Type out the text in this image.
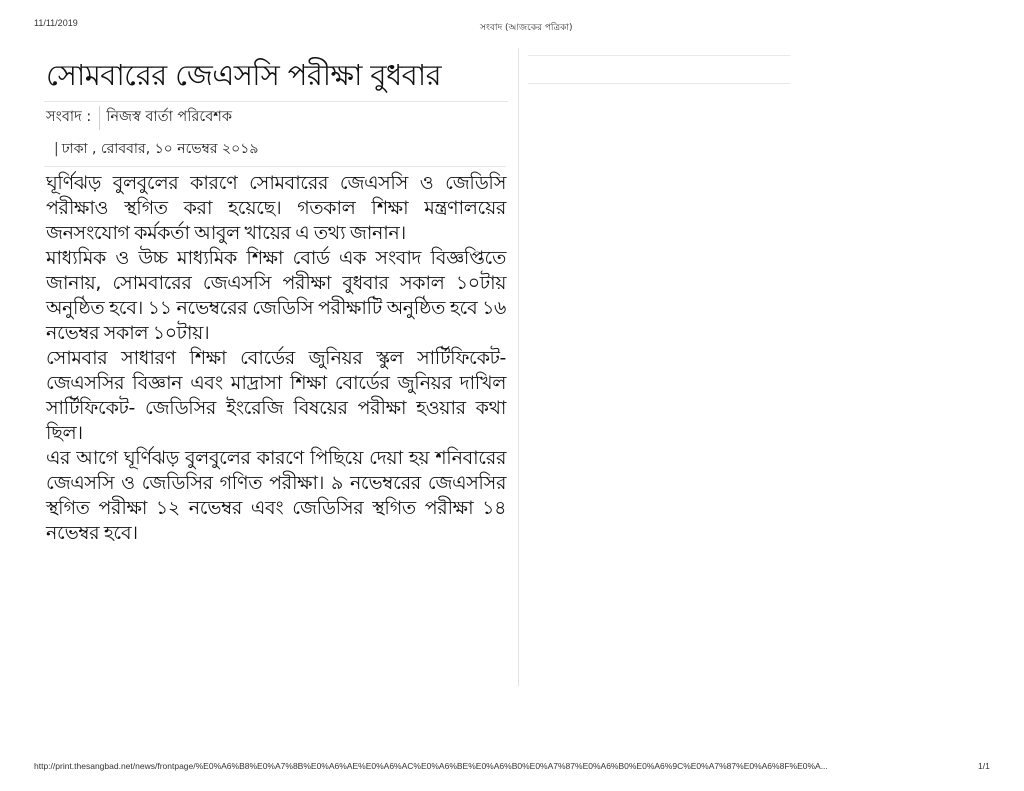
11/11/2019	সংবাদ (আজকের পত্রিকা)
সোমবারের জেএসসি পরীক্ষা বুধবার
সংবাদ :	নিজস্ব বার্তা পরিবেশক
| ঢাকা , রোববার, ১০ নভেম্বর ২০১৯

ঘূর্ণিঝড় বুলবুলের কারণে সোমবারের জেএসসি ও জেডিসি পরীক্ষাও স্থগিত করা হয়েছে। গতকাল শিক্ষা মন্ত্রণালয়ের জনসংযোগ কর্মকর্তা আবুল খায়ের এ তথ্য জানান।

মাধ্যমিক ও উচ্চ মাধ্যমিক শিক্ষা বোর্ড এক সংবাদ বিজ্ঞপ্তিতে জানায়, সোমবারের জেএসসি পরীক্ষা বুধবার সকাল ১০টায় অনুষ্ঠিত হবে। ১১ নভেম্বরের জেডিসি পরীক্ষাটি অনুষ্ঠিত হবে ১৬ নভেম্বর সকাল ১০টায়।

সোমবার সাধারণ শিক্ষা বোর্ডের জুনিয়র স্কুল সার্টিফিকেট- জেএসসির বিজ্ঞান এবং মাদ্রাসা শিক্ষা বোর্ডের জুনিয়র দাখিল সার্টিফিকেট- জেডিসির ইংরেজি বিষয়ের পরীক্ষা হওয়ার কথা ছিল।

এর আগে ঘূর্ণিঝড় বুলবুলের কারণে পিছিয়ে দেয়া হয় শনিবারের জেএসসি ও জেডিসির গণিত পরীক্ষা। ৯ নভেম্বরের জেএসসির স্থগিত পরীক্ষা ১২ নভেম্বর এবং জেডিসির স্থগিত পরীক্ষা ১৪ নভেম্বর হবে।

http://print.thesangbad.net/news/frontpage/%E0%A6%B8%E0%A7%8B%E0%A6%AE%E0%A6%AC%E0%A6%BE%E0%A6%B0%E0%A7%87%E0%A6%B0%E0%A6%9C%E0%A7%87%E0%A6%8F%E0%A...	1/1
